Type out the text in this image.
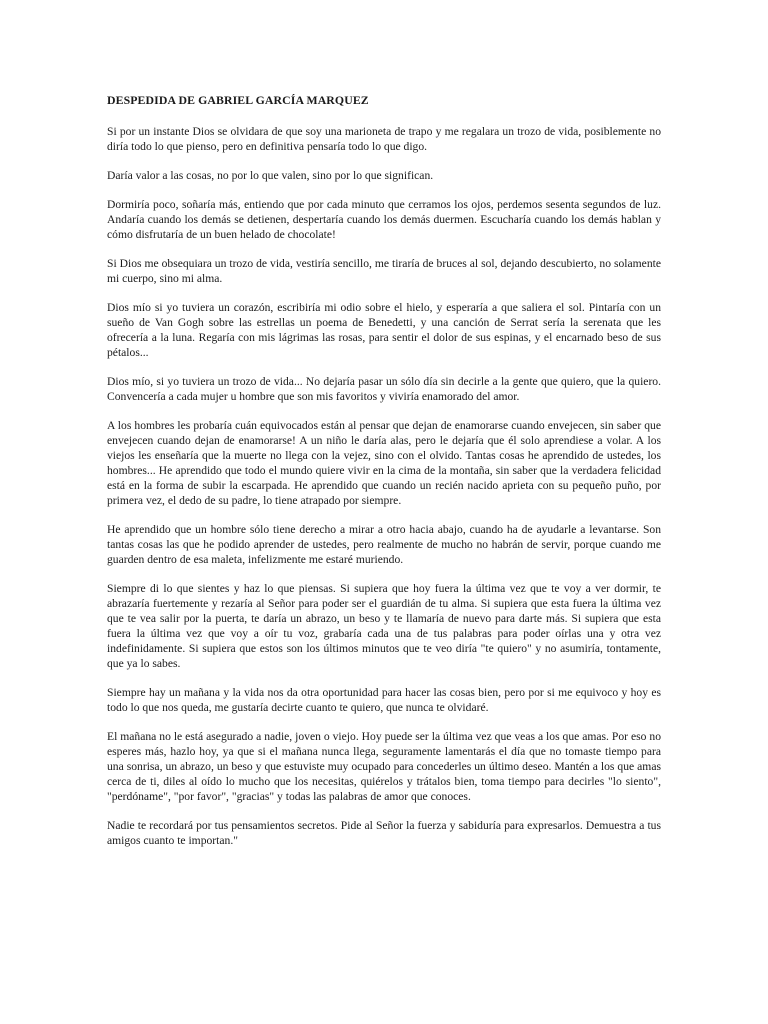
DESPEDIDA DE GABRIEL GARCÍA MARQUEZ

Si por un instante Dios se olvidara de que soy una marioneta de trapo y me regalara un trozo de vida, posiblemente no diría todo lo que pienso, pero en definitiva pensaría todo lo que digo.

Daría valor a las cosas, no por lo que valen, sino por lo que significan.

Dormiría poco, soñaría más, entiendo que por cada minuto que cerramos los ojos, perdemos sesenta segundos de luz. Andaría cuando los demás se detienen, despertaría cuando los demás duermen. Escucharía cuando los demás hablan y cómo disfrutaría de un buen helado de chocolate!

Si Dios me obsequiara un trozo de vida, vestiría sencillo, me tiraría de bruces al sol, dejando descubierto, no solamente mi cuerpo, sino mi alma.

Dios mío si yo tuviera un corazón, escribiría mi odio sobre el hielo, y esperaría a que saliera el sol. Pintaría con un sueño de Van Gogh sobre las estrellas un poema de Benedetti, y una canción de Serrat sería la serenata que les ofrecería a la luna. Regaría con mis lágrimas las rosas, para sentir el dolor de sus espinas, y el encarnado beso de sus pétalos...

Dios mío, si yo tuviera un trozo de vida... No dejaría pasar un sólo día sin decirle a la gente que quiero, que la quiero. Convencería a cada mujer u hombre que son mis favoritos y viviría enamorado del amor.

A los hombres les probaría cuán equivocados están al pensar que dejan de enamorarse cuando envejecen, sin saber que envejecen cuando dejan de enamorarse! A un niño le daría alas, pero le dejaría que él solo aprendiese a volar. A los viejos les enseñaría que la muerte no llega con la vejez, sino con el olvido. Tantas cosas he aprendido de ustedes, los hombres... He aprendido que todo el mundo quiere vivir en la cima de la montaña, sin saber que la verdadera felicidad está en la forma de subir la escarpada. He aprendido que cuando un recién nacido aprieta con su pequeño puño, por primera vez, el dedo de su padre, lo tiene atrapado por siempre.

He aprendido que un hombre sólo tiene derecho a mirar a otro hacia abajo, cuando ha de ayudarle a levantarse. Son tantas cosas las que he podido aprender de ustedes, pero realmente de mucho no habrán de servir, porque cuando me guarden dentro de esa maleta, infelizmente me estaré muriendo.

Siempre di lo que sientes y haz lo que piensas. Si supiera que hoy fuera la última vez que te voy a ver dormir, te abrazaría fuertemente y rezaría al Señor para poder ser el guardián de tu alma. Si supiera que esta fuera la última vez que te vea salir por la puerta, te daría un abrazo, un beso y te llamaría de nuevo para darte más. Si supiera que esta fuera la última vez que voy a oír tu voz, grabaría cada una de tus palabras para poder oírlas una y otra vez indefinidamente. Si supiera que estos son los últimos minutos que te veo diría "te quiero" y no asumiría, tontamente, que ya lo sabes.

Siempre hay un mañana y la vida nos da otra oportunidad para hacer las cosas bien, pero por si me equivoco y hoy es todo lo que nos queda, me gustaría decirte cuanto te quiero, que nunca te olvidaré.

El mañana no le está asegurado a nadie, joven o viejo. Hoy puede ser la última vez que veas a los que amas. Por eso no esperes más, hazlo hoy, ya que si el mañana nunca llega, seguramente lamentarás el día que no tomaste tiempo para una sonrisa, un abrazo, un beso y que estuviste muy ocupado para concederles un último deseo. Mantén a los que amas cerca de ti, diles al oído lo mucho que los necesitas, quiérelos y trátalos bien, toma tiempo para decirles "lo siento", "perdóname", "por favor", "gracias" y todas las palabras de amor que conoces.

Nadie te recordará por tus pensamientos secretos. Pide al Señor la fuerza y sabiduría para expresarlos. Demuestra a tus amigos cuanto te importan."
